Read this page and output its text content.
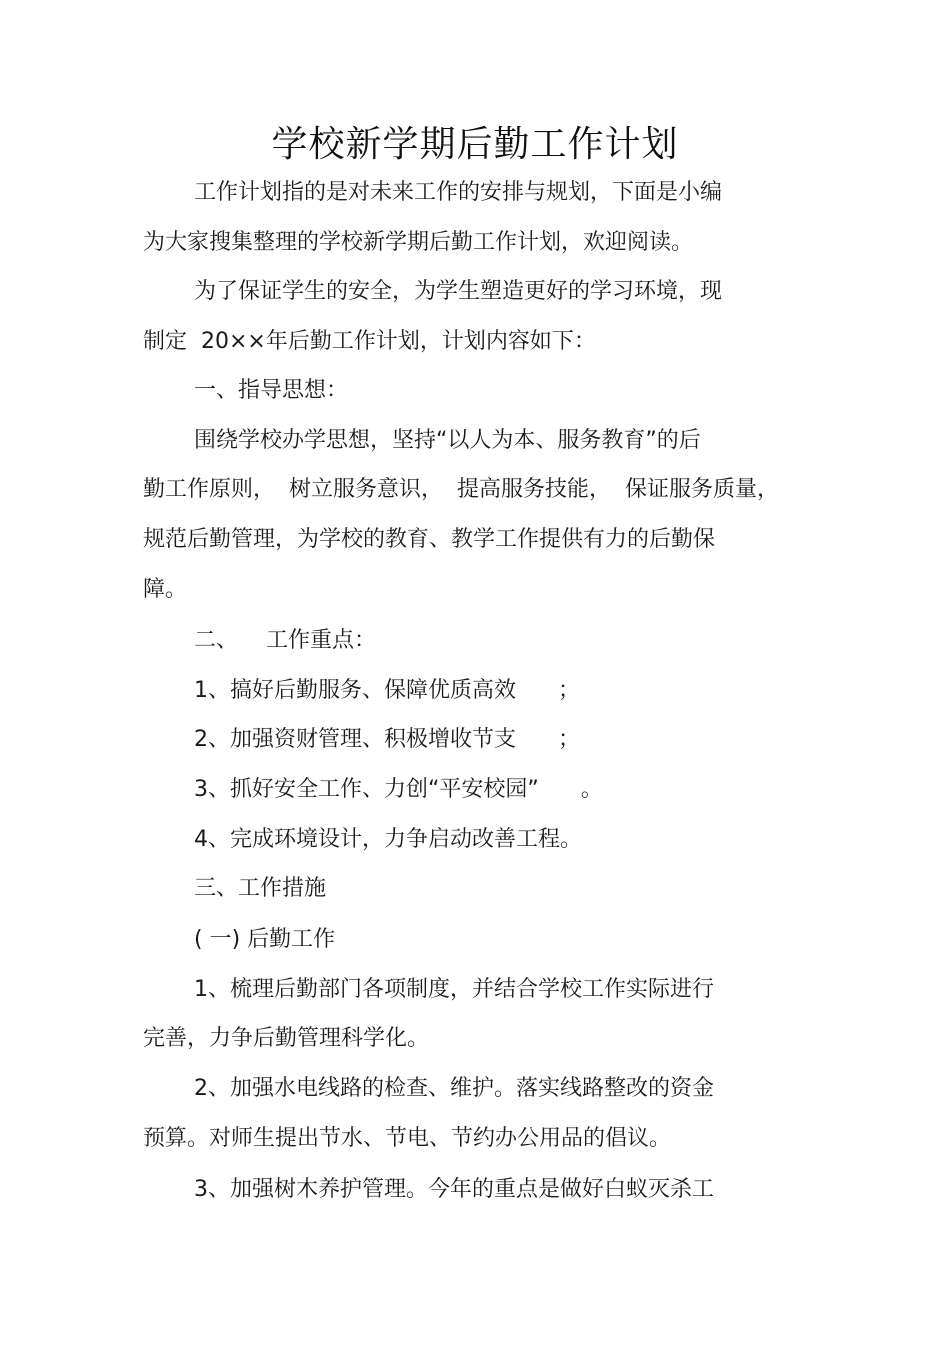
学校新学期后勤工作计划
工作计划指的是对未来工作的安排与规划，下面是小编
为大家搜集整理的学校新学期后勤工作计划，欢迎阅读。
为了保证学生的安全，为学生塑造更好的学习环境，现
制定  20××年后勤工作计划，计划内容如下：
一、指导思想：
围绕学校办学思想，坚持“以人为本、服务教育”的后
勤工作原则，  树立服务意识，  提高服务技能，  保证服务质量，
规范后勤管理，为学校的教育、教学工作提供有力的后勤保
障。
二、    工作重点：
1、搞好后勤服务、保障优质高效      ；
2、加强资财管理、积极增收节支      ；
3、抓好安全工作、力创“平安校园”      。
4、完成环境设计，力争启动改善工程。
三、工作措施
( 一) 后勤工作
1、梳理后勤部门各项制度，并结合学校工作实际进行
完善，力争后勤管理科学化。
2、加强水电线路的检查、维护。落实线路整改的资金
预算。对师生提出节水、节电、节约办公用品的倡议。
3、加强树木养护管理。今年的重点是做好白蚁灭杀工
